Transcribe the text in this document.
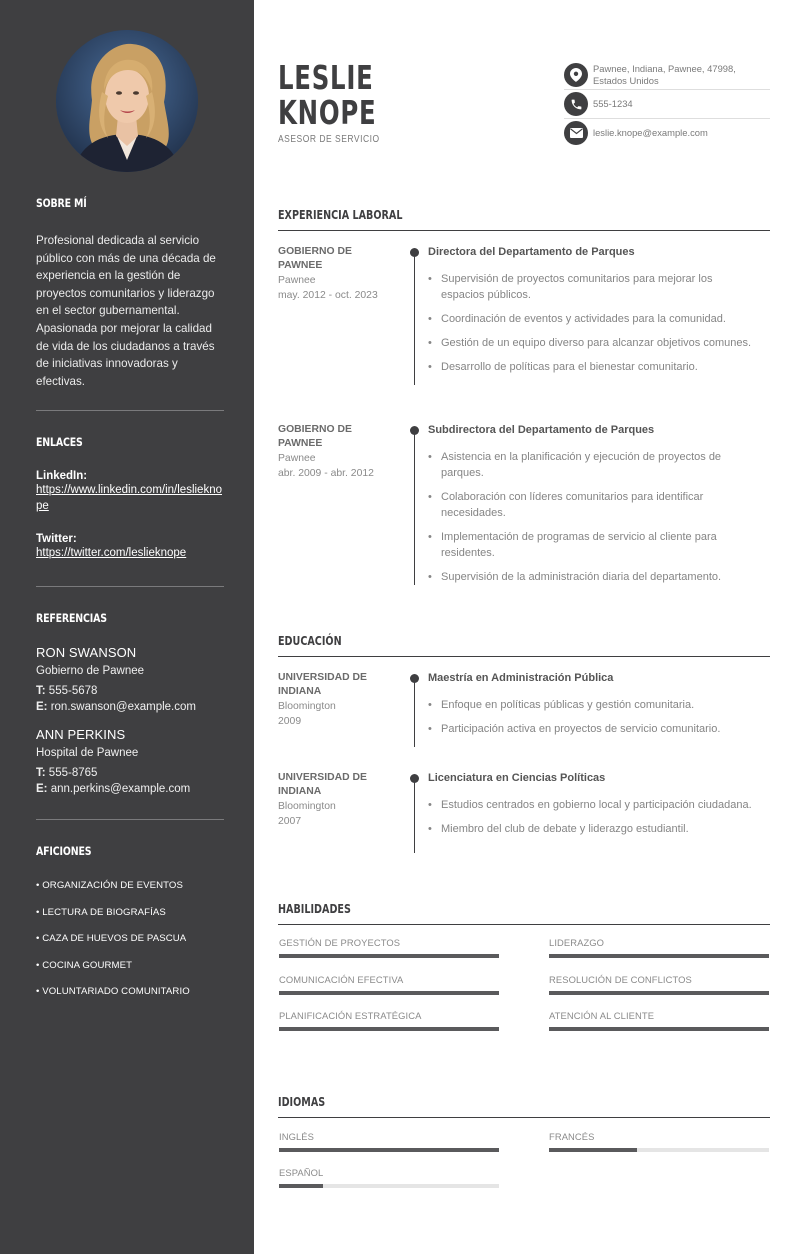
SOBRE MÍ

Profesional dedicada al servicio público con más de una década de experiencia en la gestión de proyectos comunitarios y liderazgo en el sector gubernamental. Apasionada por mejorar la calidad de vida de los ciudadanos a través de iniciativas innovadoras y efectivas.

ENLACES
LinkedIn:
https://www.linkedin.com/in/leslieknope
Twitter:
https://twitter.com/leslieknope
REFERENCIAS
RON SWANSON
Gobierno de Pawnee
T: 555-5678
E: ron.swanson@example.com
ANN PERKINS
Hospital de Pawnee
T: 555-8765
E: ann.perkins@example.com
AFICIONES
• ORGANIZACIÓN DE EVENTOS
• LECTURA DE BIOGRAFÍAS
• CAZA DE HUEVOS DE PASCUA
• COCINA GOURMET
• VOLUNTARIADO COMUNITARIO
LESLIE
KNOPE
ASESOR DE SERVICIO
Pawnee, Indiana, Pawnee, 47998, Estados Unidos
555-1234
leslie.knope@example.com
EXPERIENCIA LABORAL
GOBIERNO DE PAWNEE
Pawnee
may. 2012 - oct. 2023
Directora del Departamento de Parques
• Supervisión de proyectos comunitarios para mejorar los espacios públicos.
• Coordinación de eventos y actividades para la comunidad.
• Gestión de un equipo diverso para alcanzar objetivos comunes.
• Desarrollo de políticas para el bienestar comunitario.
GOBIERNO DE PAWNEE
Pawnee
abr. 2009 - abr. 2012
Subdirectora del Departamento de Parques
• Asistencia en la planificación y ejecución de proyectos de parques.
• Colaboración con líderes comunitarios para identificar necesidades.
• Implementación de programas de servicio al cliente para residentes.
• Supervisión de la administración diaria del departamento.
EDUCACIÓN
UNIVERSIDAD DE INDIANA
Bloomington
2009
Maestría en Administración Pública
• Enfoque en políticas públicas y gestión comunitaria.
• Participación activa en proyectos de servicio comunitario.
UNIVERSIDAD DE INDIANA
Bloomington
2007
Licenciatura en Ciencias Políticas
• Estudios centrados en gobierno local y participación ciudadana.
• Miembro del club de debate y liderazgo estudiantil.
HABILIDADES
GESTIÓN DE PROYECTOS	LIDERAZGO
COMUNICACIÓN EFECTIVA	RESOLUCIÓN DE CONFLICTOS
PLANIFICACIÓN ESTRATÉGICA	ATENCIÓN AL CLIENTE
IDIOMAS
INGLÉS	FRANCÉS
ESPAÑOL
